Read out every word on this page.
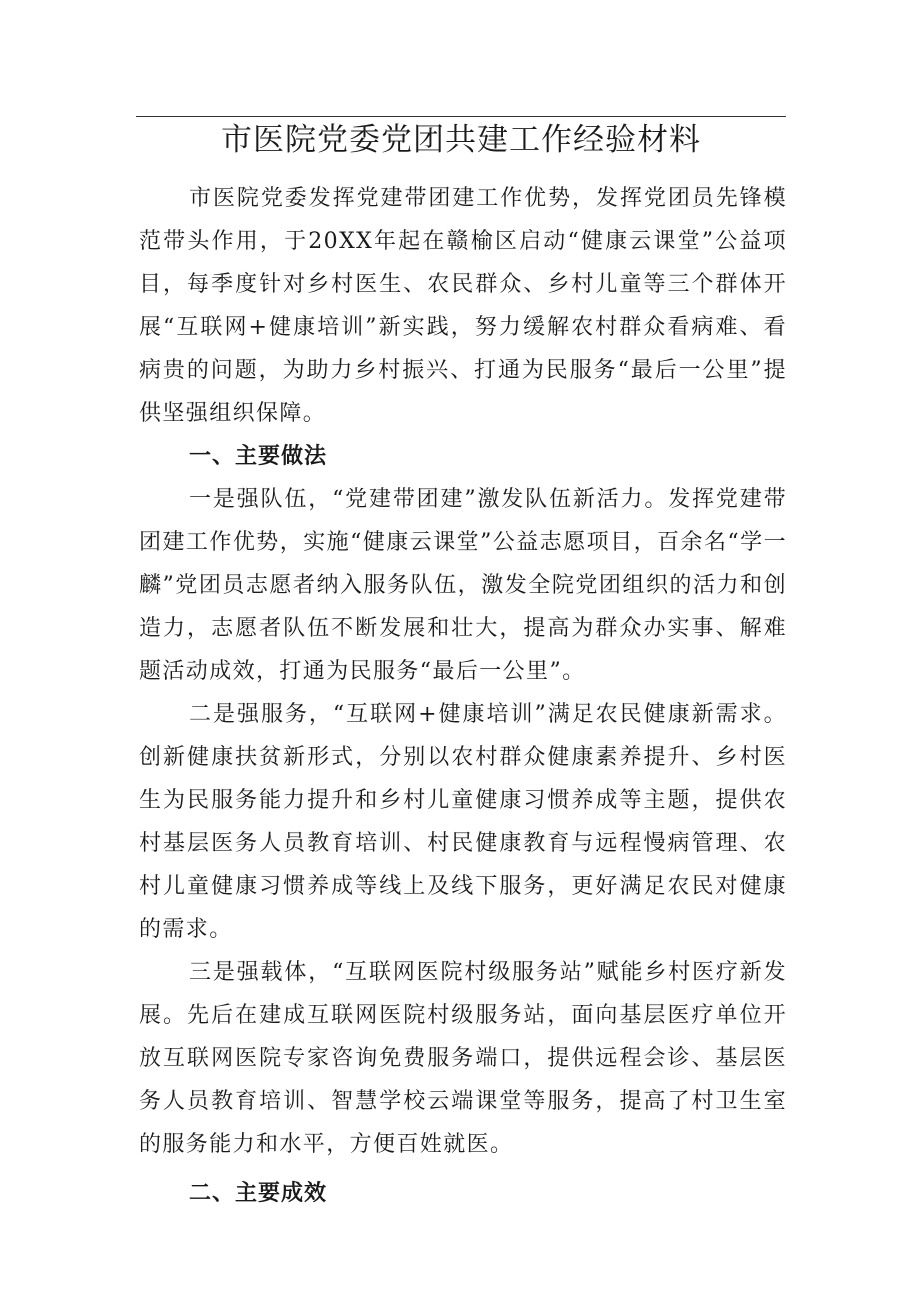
市医院党委党团共建工作经验材料

市医院党委发挥党建带团建工作优势，发挥党团员先锋模范带头作用，于20XX年起在赣榆区启动“健康云课堂”公益项目，每季度针对乡村医生、农民群众、乡村儿童等三个群体开展“互联网+健康培训”新实践，努力缓解农村群众看病难、看病贵的问题，为助力乡村振兴、打通为民服务“最后一公里”提供坚强组织保障。

一、主要做法

一是强队伍，“党建带团建”激发队伍新活力。发挥党建带团建工作优势，实施“健康云课堂”公益志愿项目，百余名“学一麟”党团员志愿者纳入服务队伍，激发全院党团组织的活力和创造力，志愿者队伍不断发展和壮大，提高为群众办实事、解难题活动成效，打通为民服务“最后一公里”。

二是强服务，“互联网+健康培训”满足农民健康新需求。创新健康扶贫新形式，分别以农村群众健康素养提升、乡村医生为民服务能力提升和乡村儿童健康习惯养成等主题，提供农村基层医务人员教育培训、村民健康教育与远程慢病管理、农村儿童健康习惯养成等线上及线下服务，更好满足农民对健康的需求。

三是强载体，“互联网医院村级服务站”赋能乡村医疗新发展。先后在建成互联网医院村级服务站，面向基层医疗单位开放互联网医院专家咨询免费服务端口，提供远程会诊、基层医务人员教育培训、智慧学校云端课堂等服务，提高了村卫生室的服务能力和水平，方便百姓就医。

二、主要成效
